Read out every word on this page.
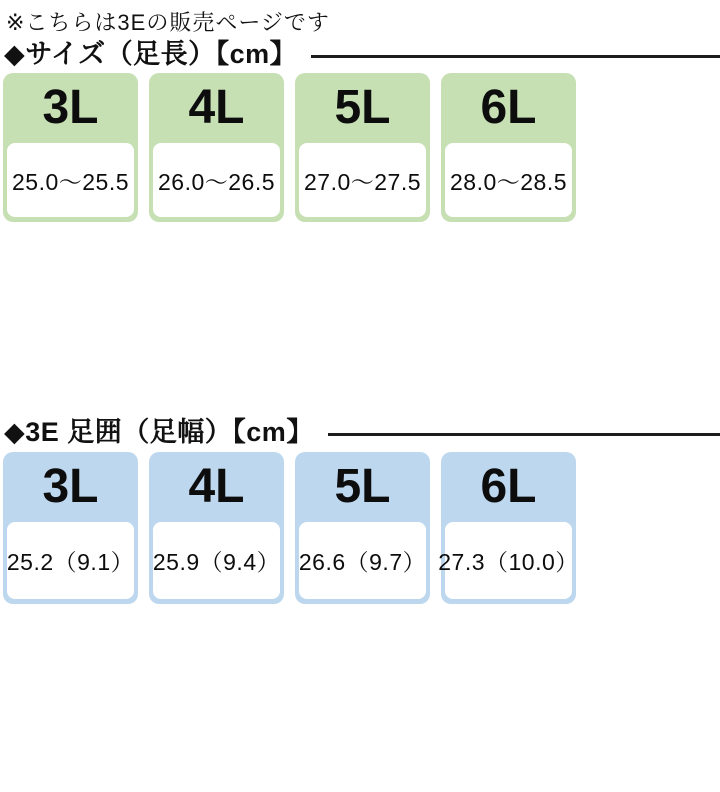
※こちらは3Eの販売ページです
◆サイズ（足長）【cm】
3L
25.0～25.5
4L
26.0～26.5
5L
27.0～27.5
6L
28.0～28.5
◆3E 足囲（足幅）【cm】
3L
25.2（9.1）
4L
25.9（9.4）
5L
26.6（9.7）
6L
27.3（10.0）
